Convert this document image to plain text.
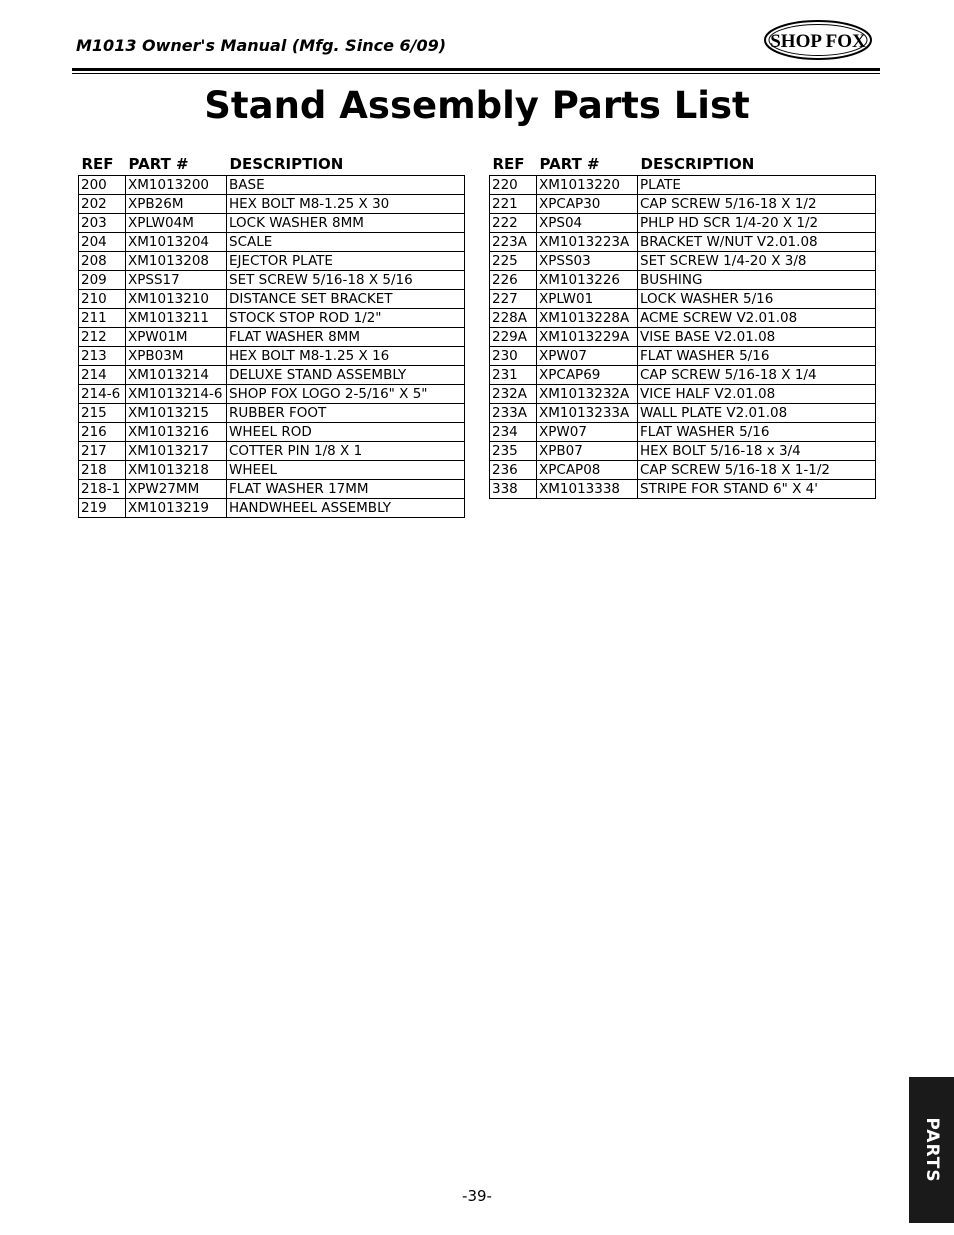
M1013 Owner's Manual (Mfg. Since 6/09)	SHOP FOX
Stand Assembly Parts List
REF	PART #	DESCRIPTION
200	XM1013200	BASE
202	XPB26M	HEX BOLT M8-1.25 X 30
203	XPLW04M	LOCK WASHER 8MM
204	XM1013204	SCALE
208	XM1013208	EJECTOR PLATE
209	XPSS17	SET SCREW 5/16-18 X 5/16
210	XM1013210	DISTANCE SET BRACKET
211	XM1013211	STOCK STOP ROD 1/2"
212	XPW01M	FLAT WASHER 8MM
213	XPB03M	HEX BOLT M8-1.25 X 16
214	XM1013214	DELUXE STAND ASSEMBLY
214-6	XM1013214-6	SHOP FOX LOGO 2-5/16" X 5"
215	XM1013215	RUBBER FOOT
216	XM1013216	WHEEL ROD
217	XM1013217	COTTER PIN 1/8 X 1
218	XM1013218	WHEEL
218-1	XPW27MM	FLAT WASHER 17MM
219	XM1013219	HANDWHEEL ASSEMBLY
REF	PART #	DESCRIPTION
220	XM1013220	PLATE
221	XPCAP30	CAP SCREW 5/16-18 X 1/2
222	XPS04	PHLP HD SCR 1/4-20 X 1/2
223A	XM1013223A	BRACKET W/NUT V2.01.08
225	XPSS03	SET SCREW 1/4-20 X 3/8
226	XM1013226	BUSHING
227	XPLW01	LOCK WASHER 5/16
228A	XM1013228A	ACME SCREW V2.01.08
229A	XM1013229A	VISE BASE V2.01.08
230	XPW07	FLAT WASHER 5/16
231	XPCAP69	CAP SCREW 5/16-18 X 1/4
232A	XM1013232A	VICE HALF V2.01.08
233A	XM1013233A	WALL PLATE V2.01.08
234	XPW07	FLAT WASHER 5/16
235	XPB07	HEX BOLT 5/16-18 x 3/4
236	XPCAP08	CAP SCREW 5/16-18 X 1-1/2
338	XM1013338	STRIPE FOR STAND 6" X 4'
PARTS
-39-
